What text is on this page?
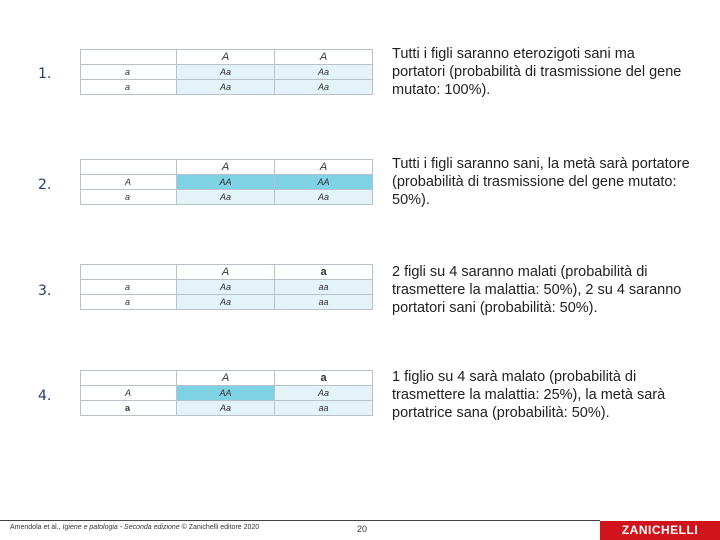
1.
	A	A
a	Aa	Aa
a	Aa	Aa
Tutti i figli saranno eterozigoti sani ma portatori (probabilità di trasmissione del gene mutato: 100%).
2.
	A	A
A	AA	AA
a	Aa	Aa
Tutti i figli saranno sani, la metà sarà portatore (probabilità di trasmissione del gene mutato: 50%).
3.
	A	a
a	Aa	aa
a	Aa	aa
2 figli su 4 saranno malati (probabilità di trasmettere la malattia: 50%), 2 su 4 saranno portatori sani (probabilità: 50%).
4.
	A	a
A	AA	Aa
a	Aa	aa
1 figlio su 4 sarà malato (probabilità di trasmettere la malattia: 25%), la metà sarà portatrice sana (probabilità: 50%).
Amendola et al., Igiene e patologia - Seconda edizione © Zanichelli editore 2020	20	ZANICHELLI
